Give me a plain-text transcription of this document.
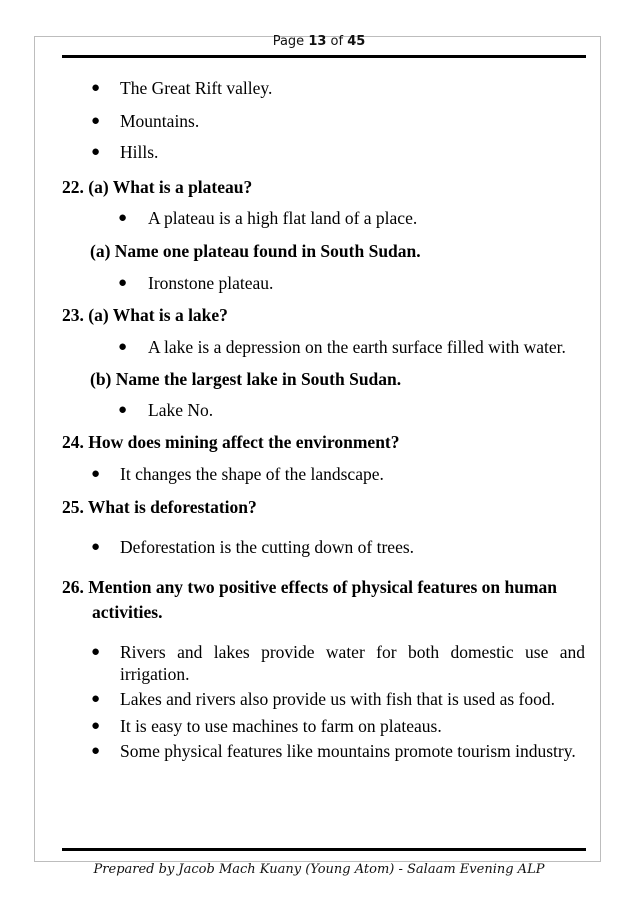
Page 13 of 45
● The Great Rift valley.
● Mountains.
● Hills.
22. (a) What is a plateau?
● A plateau is a high flat land of a place.
(a) Name one plateau found in South Sudan.
● Ironstone plateau.
23. (a) What is a lake?
● A lake is a depression on the earth surface filled with water.
(b) Name the largest lake in South Sudan.
● Lake No.
24. How does mining affect the environment?
● It changes the shape of the landscape.
25. What is deforestation?
● Deforestation is the cutting down of trees.
26. Mention any two positive effects of physical features on human
activities.
● Rivers and lakes provide water for both domestic use and irrigation.
● Lakes and rivers also provide us with fish that is used as food.
● It is easy to use machines to farm on plateaus.
● Some physical features like mountains promote tourism industry.
Prepared by Jacob Mach Kuany (Young Atom) - Salaam Evening ALP
